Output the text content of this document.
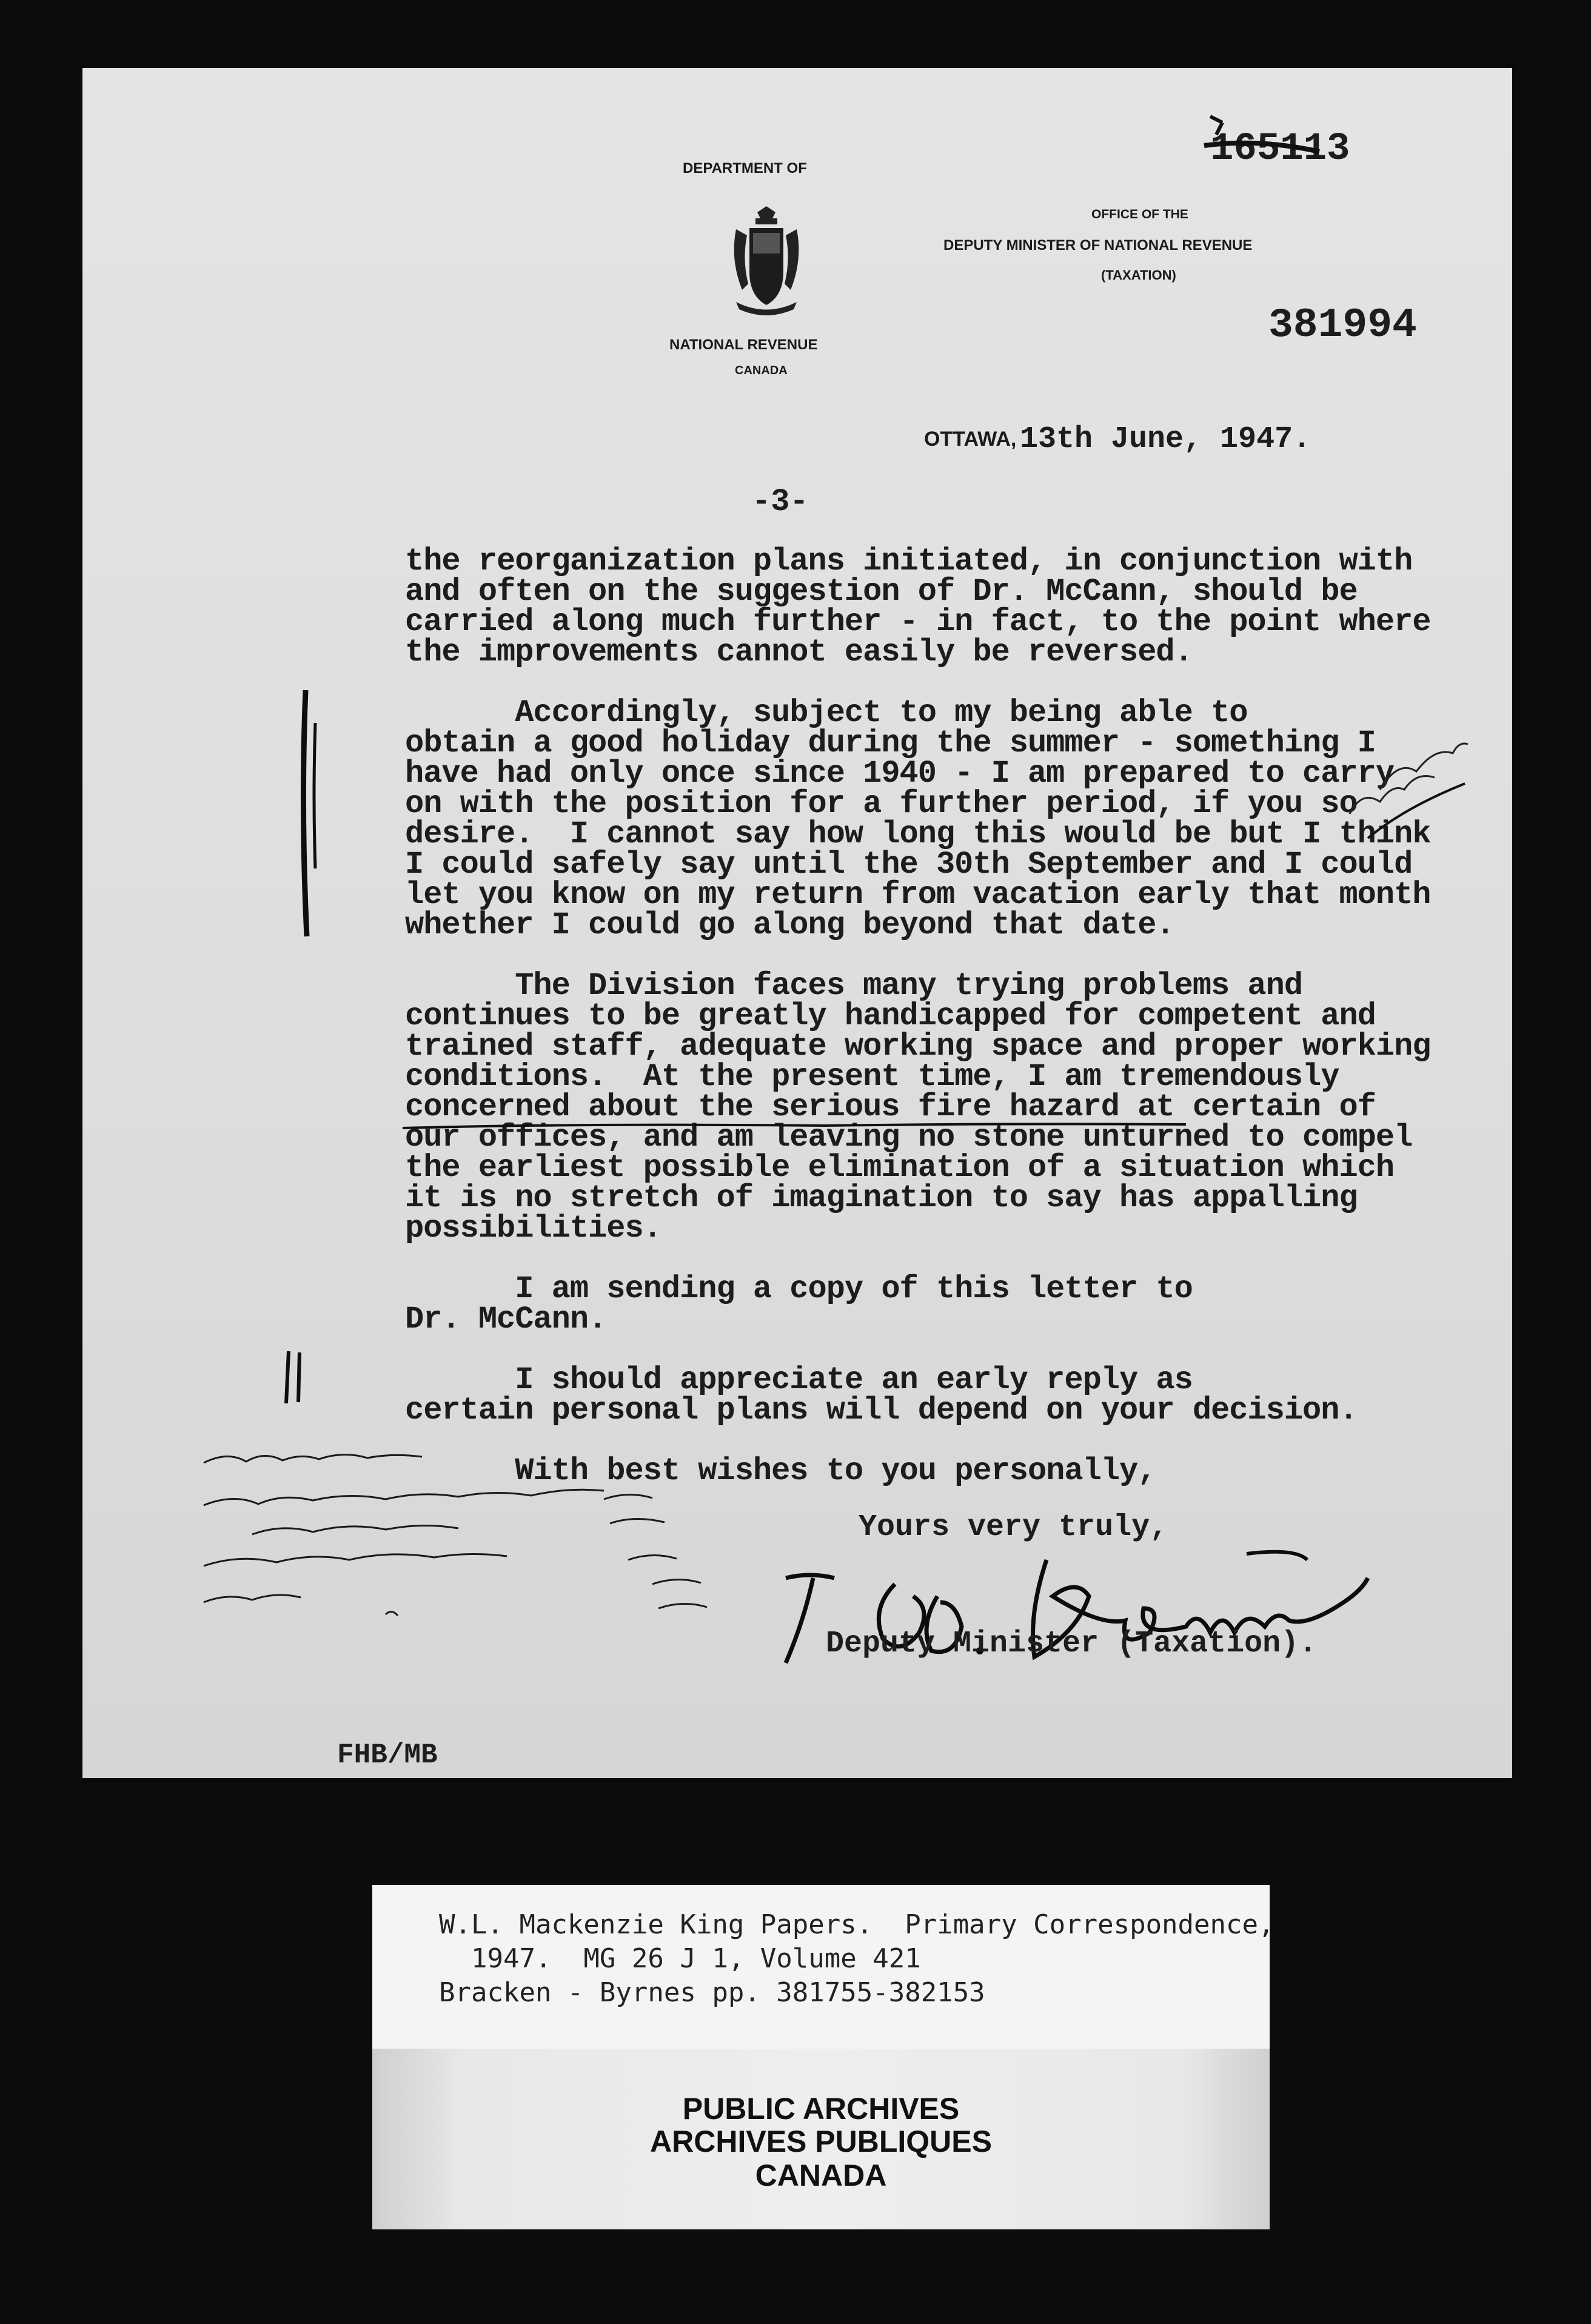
DEPARTMENT OF
NATIONAL REVENUE
CANADA
OFFICE OF THE
DEPUTY MINISTER OF NATIONAL REVENUE
(TAXATION)
165113
381994
OTTAWA, 13th June, 1947.
-3-
the reorganization plans initiated, in conjunction with
and often on the suggestion of Dr. McCann, should be
carried along much further - in fact, to the point where
the improvements cannot easily be reversed.
Accordingly, subject to my being able to
obtain a good holiday during the summer - something I
have had only once since 1940 - I am prepared to carry
on with the position for a further period, if you so
desire.  I cannot say how long this would be but I think
I could safely say until the 30th September and I could
let you know on my return from vacation early that month
whether I could go along beyond that date.
The Division faces many trying problems and
continues to be greatly handicapped for competent and
trained staff, adequate working space and proper working
conditions.  At the present time, I am tremendously
concerned about the serious fire hazard at certain of
our offices, and am leaving no stone unturned to compel
the earliest possible elimination of a situation which
it is no stretch of imagination to say has appalling
possibilities.
I am sending a copy of this letter to
Dr. McCann.
I should appreciate an early reply as
certain personal plans will depend on your decision.
With best wishes to you personally,
Yours very truly,
Deputy Minister (Taxation).
FHB/MB
W.L. Mackenzie King Papers.  Primary Correspondence,
1947.  MG 26 J 1, Volume 421
Bracken - Byrnes pp. 381755-382153
PUBLIC ARCHIVES
ARCHIVES PUBLIQUES
CANADA
